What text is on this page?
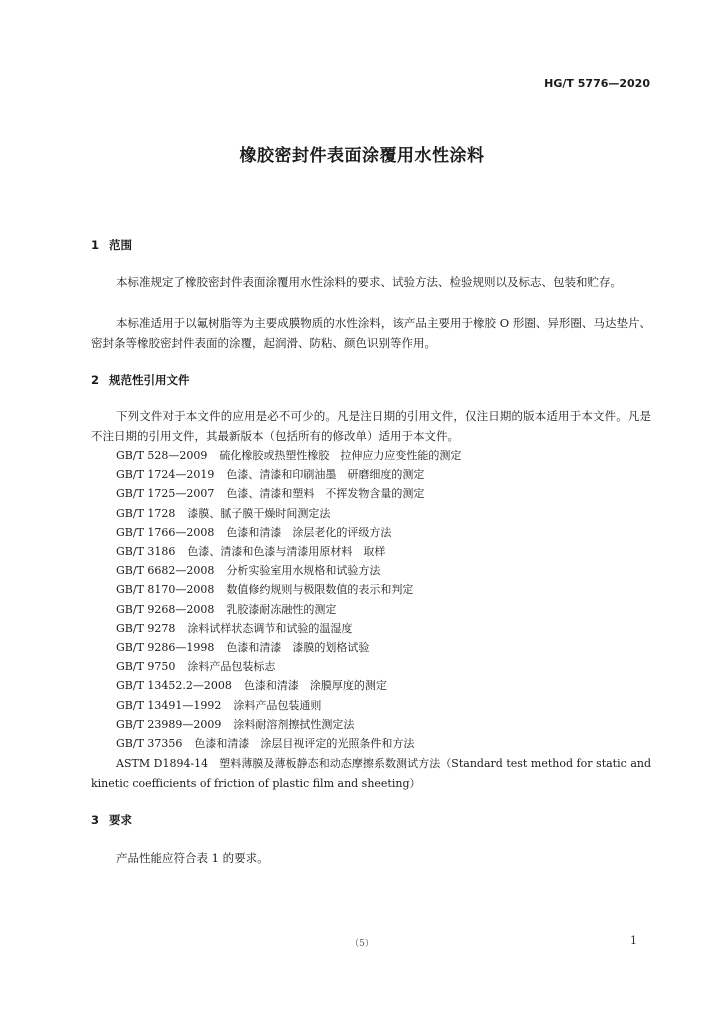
HG/T 5776—2020
橡胶密封件表面涂覆用水性涂料
1 范围
本标准规定了橡胶密封件表面涂覆用水性涂料的要求、试验方法、检验规则以及标志、包装和贮存。
本标准适用于以氟树脂等为主要成膜物质的水性涂料，该产品主要用于橡胶 O 形圈、异形圈、马达垫片、密封条等橡胶密封件表面的涂覆，起润滑、防粘、颜色识别等作用。
2 规范性引用文件
下列文件对于本文件的应用是必不可少的。凡是注日期的引用文件，仅注日期的版本适用于本文件。凡是不注日期的引用文件，其最新版本（包括所有的修改单）适用于本文件。
GB/T 528—2009 硫化橡胶或热塑性橡胶　拉伸应力应变性能的测定
GB/T 1724—2019 色漆、清漆和印刷油墨　研磨细度的测定
GB/T 1725—2007 色漆、清漆和塑料　不挥发物含量的测定
GB/T 1728 漆膜、腻子膜干燥时间测定法
GB/T 1766—2008 色漆和清漆　涂层老化的评级方法
GB/T 3186 色漆、清漆和色漆与清漆用原材料　取样
GB/T 6682—2008 分析实验室用水规格和试验方法
GB/T 8170—2008 数值修约规则与极限数值的表示和判定
GB/T 9268—2008 乳胶漆耐冻融性的测定
GB/T 9278 涂料试样状态调节和试验的温湿度
GB/T 9286—1998 色漆和清漆　漆膜的划格试验
GB/T 9750 涂料产品包装标志
GB/T 13452.2—2008 色漆和清漆　涂膜厚度的测定
GB/T 13491—1992 涂料产品包装通则
GB/T 23989—2009 涂料耐溶剂擦拭性测定法
GB/T 37356 色漆和清漆　涂层目视评定的光照条件和方法
ASTM D1894-14　塑料薄膜及薄板静态和动态摩擦系数测试方法（Standard test method for static and kinetic coefficients of friction of plastic film and sheeting）
3 要求
产品性能应符合表 1 的要求。
（5）	1
